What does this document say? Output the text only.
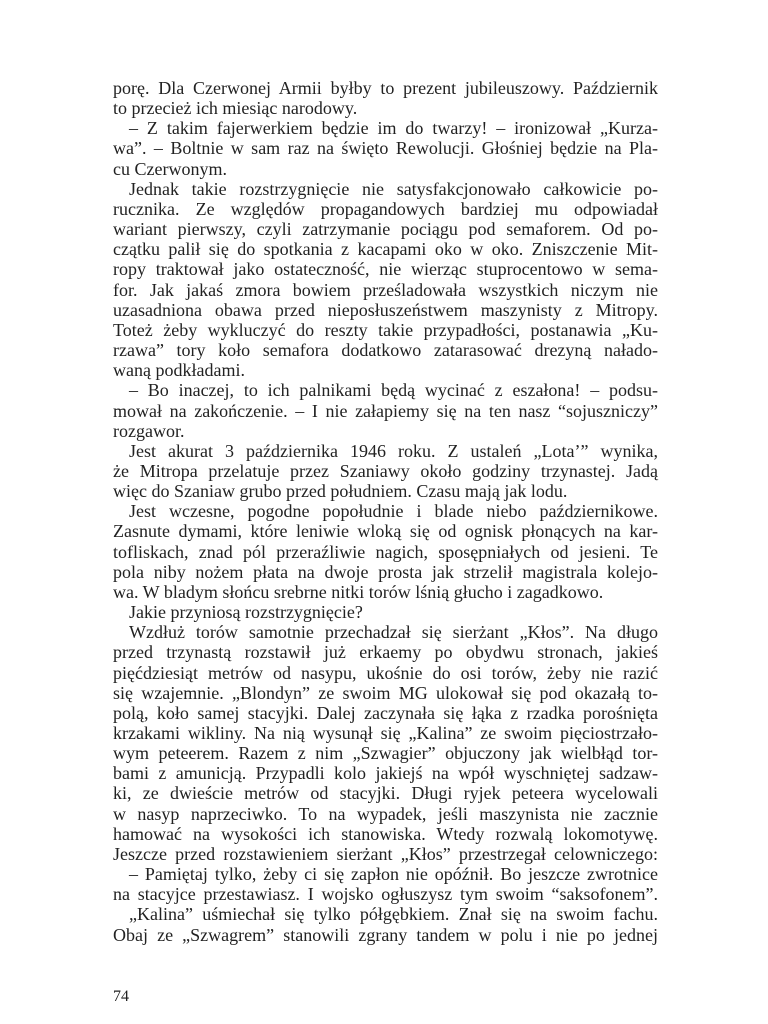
porę. Dla Czerwonej Armii byłby to prezent jubileuszowy. Październik
to przecież ich miesiąc narodowy.
– Z takim fajerwerkiem będzie im do twarzy! – ironizował „Kurza-
wa”. – Boltnie w sam raz na święto Rewolucji. Głośniej będzie na Pla-
cu Czerwonym.
Jednak takie rozstrzygnięcie nie satysfakcjonowało całkowicie po-
rucznika. Ze względów propagandowych bardziej mu odpowiadał
wariant pierwszy, czyli zatrzymanie pociągu pod semaforem. Od po-
czątku palił się do spotkania z kacapami oko w oko. Zniszczenie Mit-
ropy traktował jako ostateczność, nie wierząc stuprocentowo w sema-
for. Jak jakaś zmora bowiem prześladowała wszystkich niczym nie
uzasadniona obawa przed nieposłuszeństwem maszynisty z Mitropy.
Toteż żeby wykluczyć do reszty takie przypadłości, postanawia „Ku-
rzawa” tory koło semafora dodatkowo zatarasować drezyną nałado-
waną podkładami.
– Bo inaczej, to ich palnikami będą wycinać z eszałona! – podsu-
mował na zakończenie. – I nie załapiemy się na ten nasz “sojuszniczy”
rozgawor.
Jest akurat 3 października 1946 roku. Z ustaleń „Lota’” wynika,
że Mitropa przelatuje przez Szaniawy około godziny trzynastej. Jadą
więc do Szaniaw grubo przed południem. Czasu mają jak lodu.
Jest wczesne, pogodne popołudnie i blade niebo październikowe.
Zasnute dymami, które leniwie wloką się od ognisk płonących na kar-
tofliskach, znad pól przeraźliwie nagich, sposępniałych od jesieni. Te
pola niby nożem płata na dwoje prosta jak strzelił magistrala kolejo-
wa. W bladym słońcu srebrne nitki torów lśnią głucho i zagadkowo.
Jakie przyniosą rozstrzygnięcie?
Wzdłuż torów samotnie przechadzał się sierżant „Kłos”. Na długo
przed trzynastą rozstawił już erkaemy po obydwu stronach, jakieś
pięćdziesiąt metrów od nasypu, ukośnie do osi torów, żeby nie razić
się wzajemnie. „Blondyn” ze swoim MG ulokował się pod okazałą to-
polą, koło samej stacyjki. Dalej zaczynała się łąka z rzadka porośnięta
krzakami wikliny. Na nią wysunął się „Kalina” ze swoim pięciostrzało-
wym peteerem. Razem z nim „Szwagier” objuczony jak wielbłąd tor-
bami z amunicją. Przypadli kolo jakiejś na wpół wyschniętej sadzaw-
ki, ze dwieście metrów od stacyjki. Długi ryjek peteera wycelowali
w nasyp naprzeciwko. To na wypadek, jeśli maszynista nie zacznie
hamować na wysokości ich stanowiska. Wtedy rozwalą lokomotywę.
Jeszcze przed rozstawieniem sierżant „Kłos” przestrzegał celowniczego:
– Pamiętaj tylko, żeby ci się zapłon nie opóźnił. Bo jeszcze zwrotnice
na stacyjce przestawiasz. I wojsko ogłuszysz tym swoim “saksofonem”.
„Kalina” uśmiechał się tylko półgębkiem. Znał się na swoim fachu.
Obaj ze „Szwagrem” stanowili zgrany tandem w polu i nie po jednej
74
